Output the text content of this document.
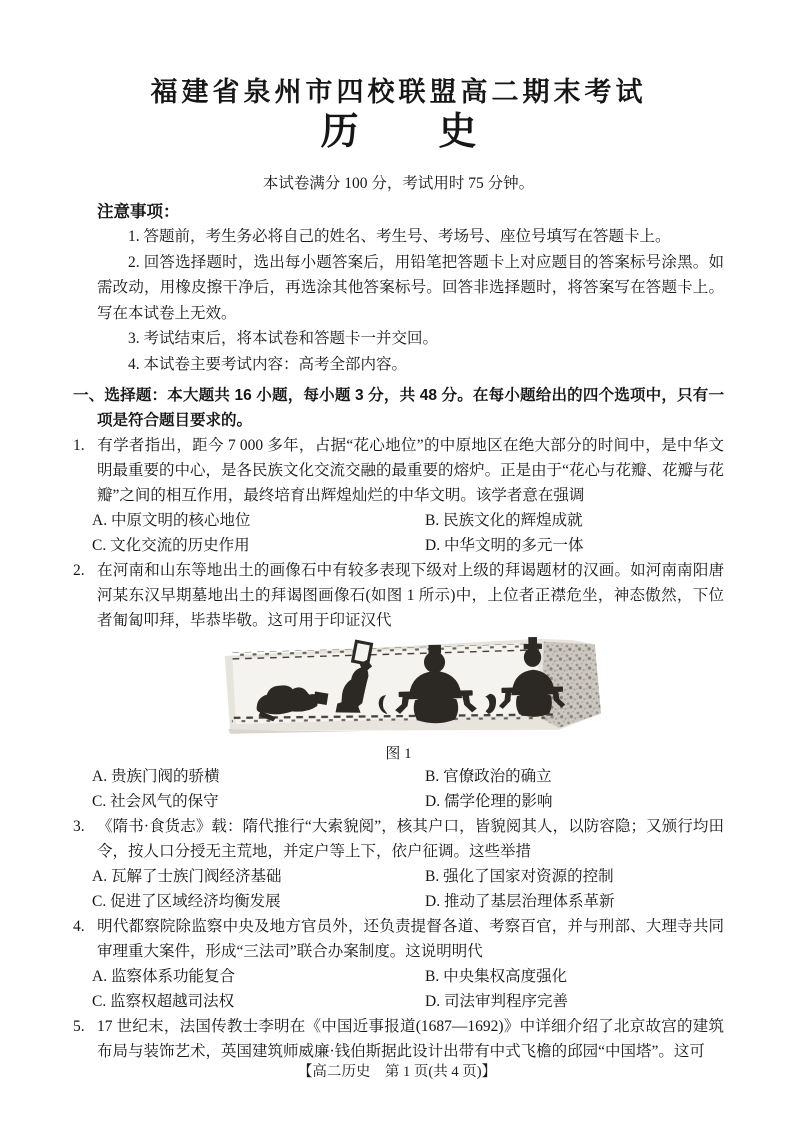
福建省泉州市四校联盟高二期末考试
历史
本试卷满分 100 分，考试用时 75 分钟。
注意事项：

1. 答题前，考生务必将自己的姓名、考生号、考场号、座位号填写在答题卡上。

2. 回答选择题时，选出每小题答案后，用铅笔把答题卡上对应题目的答案标号涂黑。如需改动，用橡皮擦干净后，再选涂其他答案标号。回答非选择题时，将答案写在答题卡上。写在本试卷上无效。

3. 考试结束后，将本试卷和答题卡一并交回。

4. 本试卷主要考试内容：高考全部内容。

一、选择题：本大题共 16 小题，每小题 3 分，共 48 分。在每小题给出的四个选项中，只有一项是符合题目要求的。

1. 有学者指出，距今 7 000 多年，占据“花心地位”的中原地区在绝大部分的时间中，是中华文明最重要的中心，是各民族文化交流交融的最重要的熔炉。正是由于“花心与花瓣、花瓣与花瓣”之间的相互作用，最终培育出辉煌灿烂的中华文明。该学者意在强调

A. 中原文明的核心地位	B. 民族文化的辉煌成就
C. 文化交流的历史作用	D. 中华文明的多元一体

2. 在河南和山东等地出土的画像石中有较多表现下级对上级的拜谒题材的汉画。如河南南阳唐河某东汉早期墓地出土的拜谒图画像石(如图 1 所示)中，上位者正襟危坐，神态傲然，下位者匍匐叩拜，毕恭毕敬。这可用于印证汉代

图 1
A. 贵族门阀的骄横	B. 官僚政治的确立
C. 社会风气的保守	D. 儒学伦理的影响

3. 《隋书·食货志》载：隋代推行“大索貌阅”，核其户口，皆貌阅其人，以防容隐；又颁行均田令，按人口分授无主荒地，并定户等上下，依户征调。这些举措

A. 瓦解了士族门阀经济基础	B. 强化了国家对资源的控制
C. 促进了区域经济均衡发展	D. 推动了基层治理体系革新

4. 明代都察院除监察中央及地方官员外，还负责提督各道、考察百官，并与刑部、大理寺共同审理重大案件，形成“三法司”联合办案制度。这说明明代

A. 监察体系功能复合	B. 中央集权高度强化
C. 监察权超越司法权	D. 司法审判程序完善

5. 17 世纪末，法国传教士李明在《中国近事报道(1687—1692)》中详细介绍了北京故宫的建筑布局与装饰艺术，英国建筑师威廉·钱伯斯据此设计出带有中式飞檐的邱园“中国塔”。这可

【高二历史　第 1 页(共 4 页)】
